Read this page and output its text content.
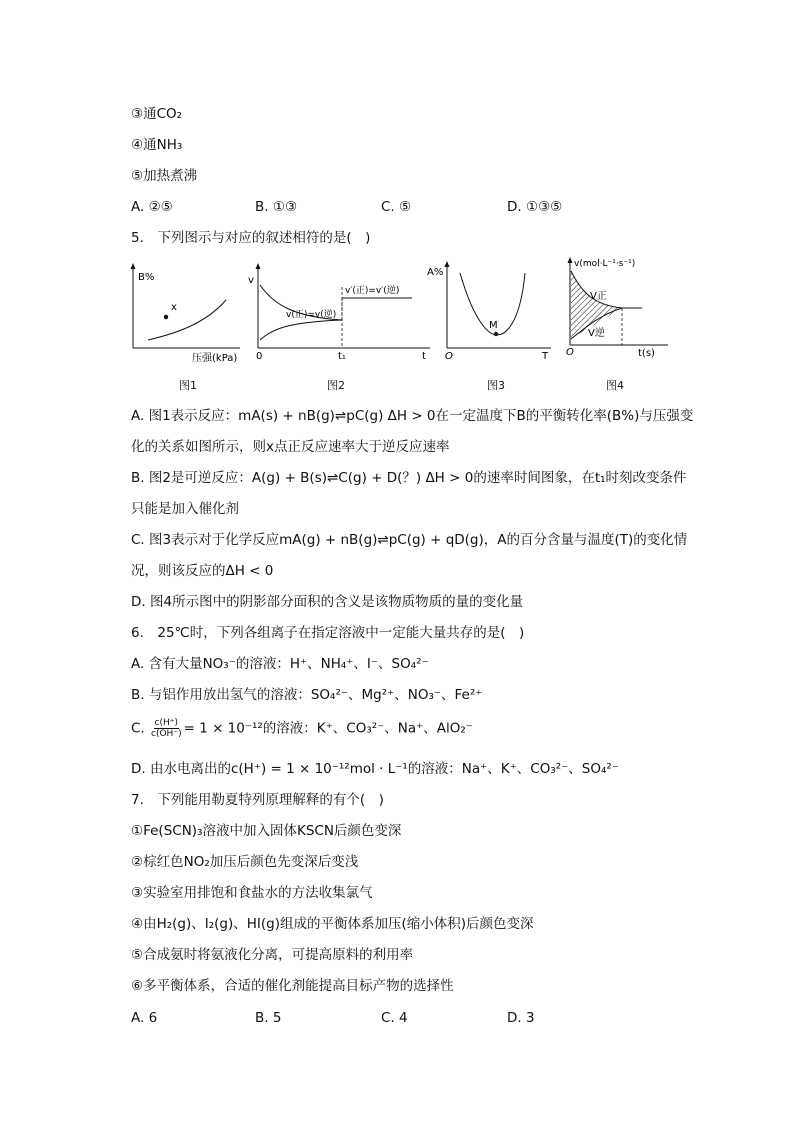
③通CO₂
④通NH₃
⑤加热煮沸
A. ②⑤	B. ①③	C. ⑤	D. ①③⑤
5.　下列图示与对应的叙述相符的是(　)
B%
x
压强(kPa)
图1
v
0	t₁	t
v(正)=v(逆)
v′(正)=v′(逆)
图2
A%
M
O	T
图3
v(mol·L⁻¹·s⁻¹)
V正
V逆
O	t(s)
图4
A. 图1表示反应：mA(s) + nB(g)⇌pC(g) ΔH > 0在一定温度下B的平衡转化率(B%)与压强变
化的关系如图所示，则x点正反应速率大于逆反应速率
B. 图2是可逆反应：A(g) + B(s)⇌C(g) + D(？) ΔH > 0的速率时间图象，在t₁时刻改变条件
只能是加入催化剂
C. 图3表示对于化学反应mA(g) + nB(g)⇌pC(g) + qD(g)，A的百分含量与温度(T)的变化情
况，则该反应的ΔH < 0
D. 图4所示图中的阴影部分面积的含义是该物质物质的量的变化量
6.　25℃时，下列各组离子在指定溶液中一定能大量共存的是(　)
A. 含有大量NO₃⁻的溶液：H⁺、NH₄⁺、I⁻、SO₄²⁻
B. 与铝作用放出氢气的溶液：SO₄²⁻、Mg²⁺、NO₃⁻、Fe²⁺
C. $\frac{c(H^+)}{c(OH^-)} = 1 \times 10^{-12}$的溶液：K⁺、CO₃²⁻、Na⁺、AlO₂⁻
D. 由水电离出的c(H⁺) = 1 × 10⁻¹²mol · L⁻¹的溶液：Na⁺、K⁺、CO₃²⁻、SO₄²⁻
7.　下列能用勒夏特列原理解释的有个(　)
①Fe(SCN)₃溶液中加入固体KSCN后颜色变深
②棕红色NO₂加压后颜色先变深后变浅
③实验室用排饱和食盐水的方法收集氯气
④由H₂(g)、I₂(g)、HI(g)组成的平衡体系加压(缩小体积)后颜色变深
⑤合成氨时将氨液化分离，可提高原料的利用率
⑥多平衡体系，合适的催化剂能提高目标产物的选择性
A. 6	B. 5	C. 4	D. 3
